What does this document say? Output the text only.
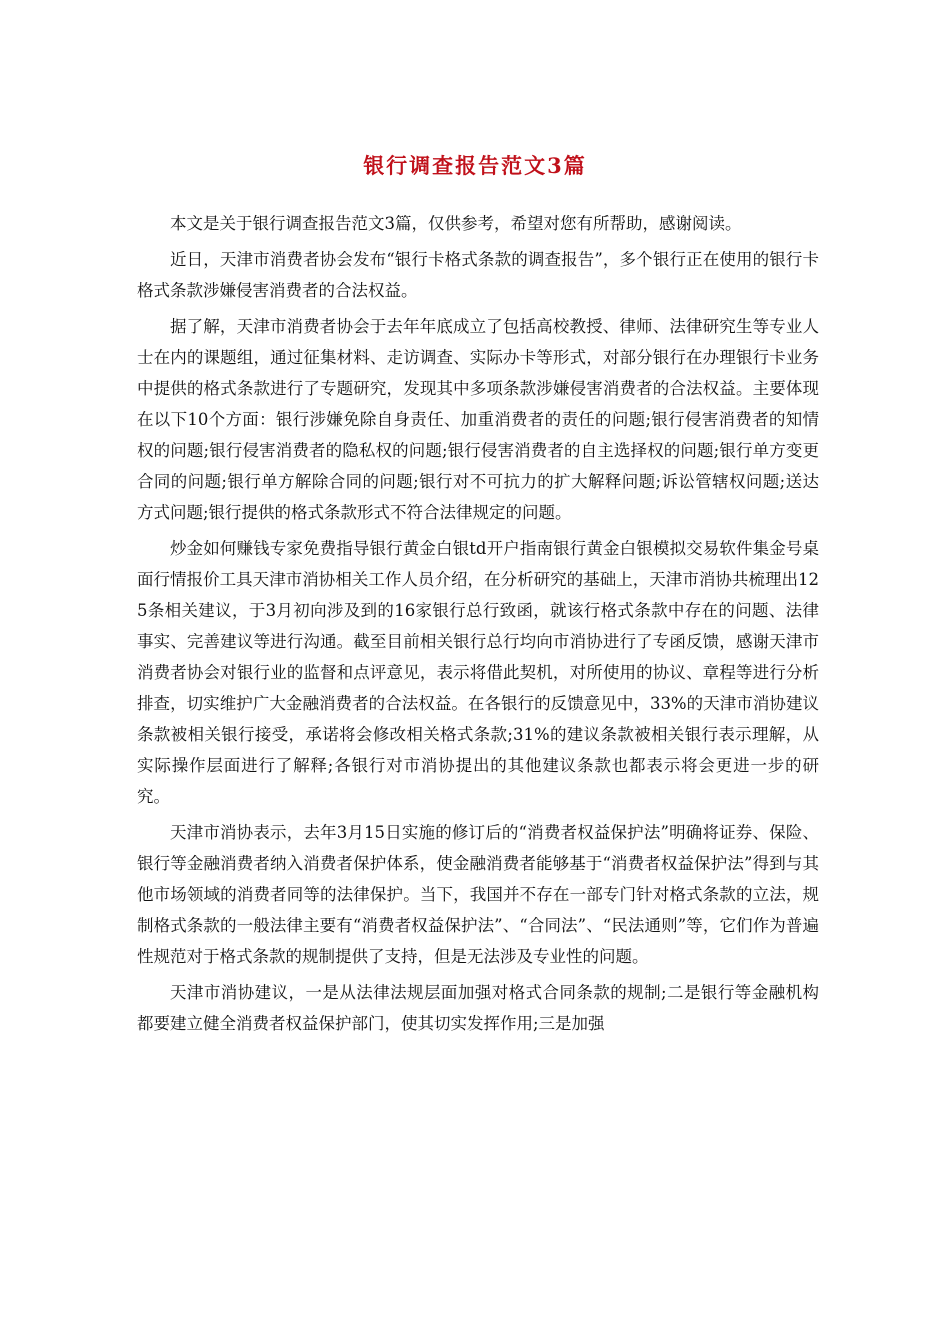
银行调查报告范文3篇

本文是关于银行调查报告范文3篇，仅供参考，希望对您有所帮助，感谢阅读。

近日，天津市消费者协会发布“银行卡格式条款的调查报告”，多个银行正在使用的银行卡格式条款涉嫌侵害消费者的合法权益。

据了解，天津市消费者协会于去年年底成立了包括高校教授、律师、法律研究生等专业人士在内的课题组，通过征集材料、走访调查、实际办卡等形式，对部分银行在办理银行卡业务中提供的格式条款进行了专题研究，发现其中多项条款涉嫌侵害消费者的合法权益。主要体现在以下10个方面：银行涉嫌免除自身责任、加重消费者的责任的问题;银行侵害消费者的知情权的问题;银行侵害消费者的隐私权的问题;银行侵害消费者的自主选择权的问题;银行单方变更合同的问题;银行单方解除合同的问题;银行对不可抗力的扩大解释问题;诉讼管辖权问题;送达方式问题;银行提供的格式条款形式不符合法律规定的问题。

炒金如何赚钱专家免费指导银行黄金白银td开户指南银行黄金白银模拟交易软件集金号桌面行情报价工具天津市消协相关工作人员介绍，在分析研究的基础上，天津市消协共梳理出125条相关建议，于3月初向涉及到的16家银行总行致函，就该行格式条款中存在的问题、法律事实、完善建议等进行沟通。截至目前相关银行总行均向市消协进行了专函反馈，感谢天津市消费者协会对银行业的监督和点评意见，表示将借此契机，对所使用的协议、章程等进行分析排查，切实维护广大金融消费者的合法权益。在各银行的反馈意见中，33%的天津市消协建议条款被相关银行接受，承诺将会修改相关格式条款;31%的建议条款被相关银行表示理解，从实际操作层面进行了解释;各银行对市消协提出的其他建议条款也都表示将会更进一步的研究。

天津市消协表示，去年3月15日实施的修订后的“消费者权益保护法”明确将证券、保险、银行等金融消费者纳入消费者保护体系，使金融消费者能够基于“消费者权益保护法”得到与其他市场领域的消费者同等的法律保护。当下，我国并不存在一部专门针对格式条款的立法，规制格式条款的一般法律主要有“消费者权益保护法”、“合同法”、“民法通则”等，它们作为普遍性规范对于格式条款的规制提供了支持，但是无法涉及专业性的问题。

天津市消协建议，一是从法律法规层面加强对格式合同条款的规制;二是银行等金融机构都要建立健全消费者权益保护部门，使其切实发挥作用;三是加强
